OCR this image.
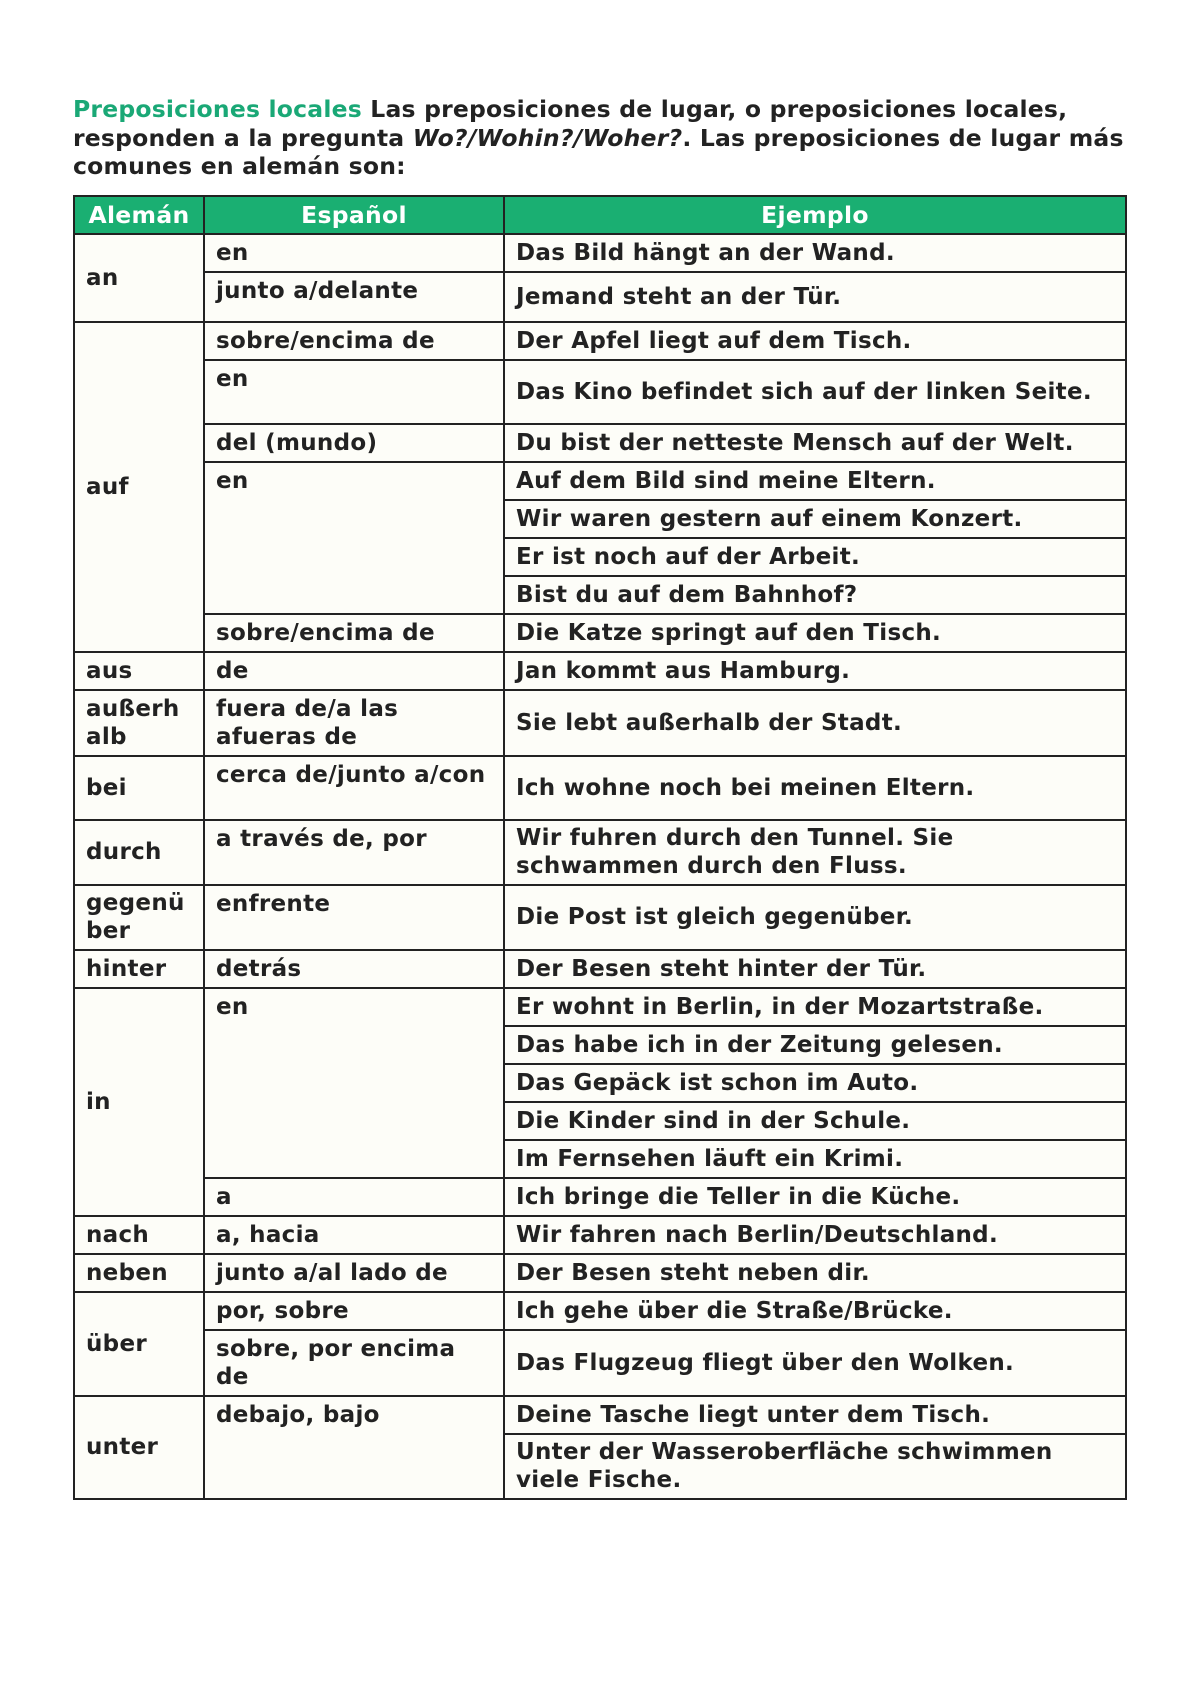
Preposiciones locales Las preposiciones de lugar, o preposiciones locales, responden a la pregunta Wo?/Wohin?/Woher?. Las preposiciones de lugar más comunes en alemán son:
Alemán	Español	Ejemplo
an	en	Das Bild hängt an der Wand.
	junto a/delante	Jemand steht an der Tür.
auf	sobre/encima de	Der Apfel liegt auf dem Tisch.
	en	Das Kino befindet sich auf der linken Seite.
	del (mundo)	Du bist der netteste Mensch auf der Welt.
	en	Auf dem Bild sind meine Eltern.
		Wir waren gestern auf einem Konzert.
		Er ist noch auf der Arbeit.
		Bist du auf dem Bahnhof?
	sobre/encima de	Die Katze springt auf den Tisch.
aus	de	Jan kommt aus Hamburg.
außerh alb	fuera de/a las afueras de	Sie lebt außerhalb der Stadt.
bei	cerca de/junto a/con	Ich wohne noch bei meinen Eltern.
durch	a través de, por	Wir fuhren durch den Tunnel. Sie schwammen durch den Fluss.
gegenü ber	enfrente	Die Post ist gleich gegenüber.
hinter	detrás	Der Besen steht hinter der Tür.
in	en	Er wohnt in Berlin, in der Mozartstraße.
		Das habe ich in der Zeitung gelesen.
		Das Gepäck ist schon im Auto.
		Die Kinder sind in der Schule.
		Im Fernsehen läuft ein Krimi.
	a	Ich bringe die Teller in die Küche.
nach	a, hacia	Wir fahren nach Berlin/Deutschland.
neben	junto a/al lado de	Der Besen steht neben dir.
über	por, sobre	Ich gehe über die Straße/Brücke.
	sobre, por encima de	Das Flugzeug fliegt über den Wolken.
unter	debajo, bajo	Deine Tasche liegt unter dem Tisch.
		Unter der Wasseroberfläche schwimmen viele Fische.
